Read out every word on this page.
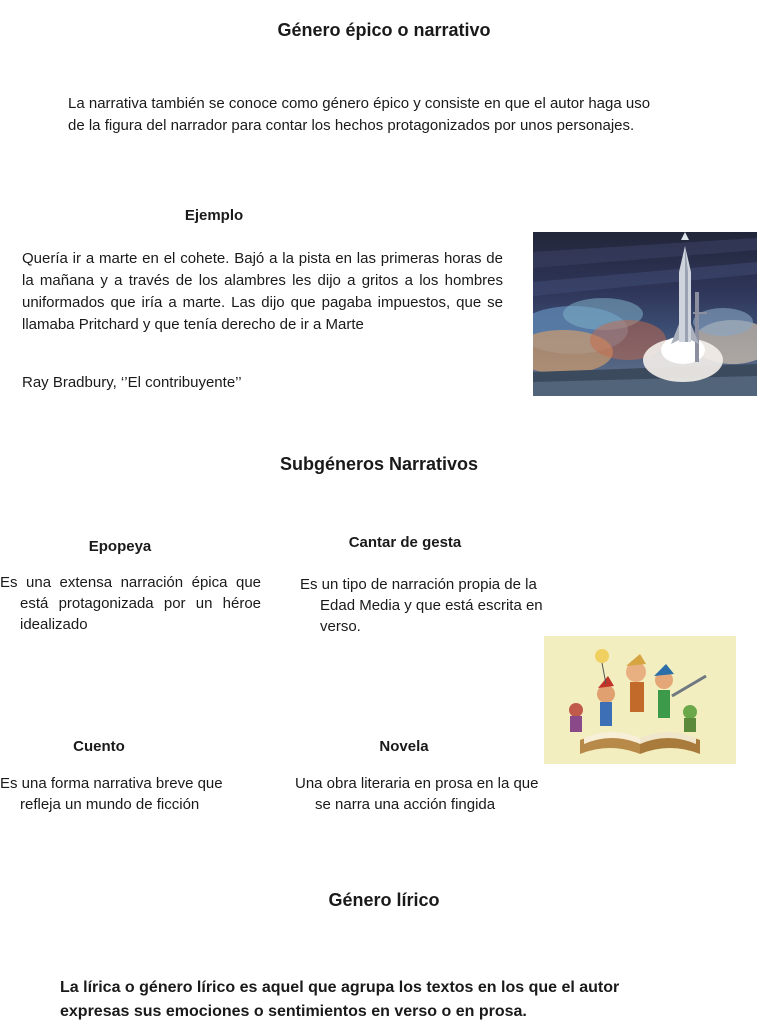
Género épico o narrativo
La narrativa también se conoce como género épico y consiste en que el autor haga uso
de la figura del narrador para contar los hechos protagonizados por unos personajes.
Ejemplo
Quería ir a marte en el cohete. Bajó a la pista en las primeras horas de la mañana y a través de los alambres les dijo a gritos a los hombres uniformados que iría a marte. Las dijo que pagaba impuestos, que se llamaba Pritchard y que tenía derecho de ir a Marte
Ray Bradbury, ‘’El contribuyente’’
Subgéneros Narrativos
Epopeya
Es una extensa narración épica que está protagonizada por un héroe idealizado
Cantar de gesta
Es un tipo de narración propia de la Edad Media y que está escrita en verso.
Cuento
Es una forma narrativa breve que refleja un mundo de ficción
Novela
Una obra literaria en prosa en la que se narra una acción fingida
Género lírico
La lírica o género lírico es aquel que agrupa los textos en los que el autor
expresas sus emociones o sentimientos en verso o en prosa.
